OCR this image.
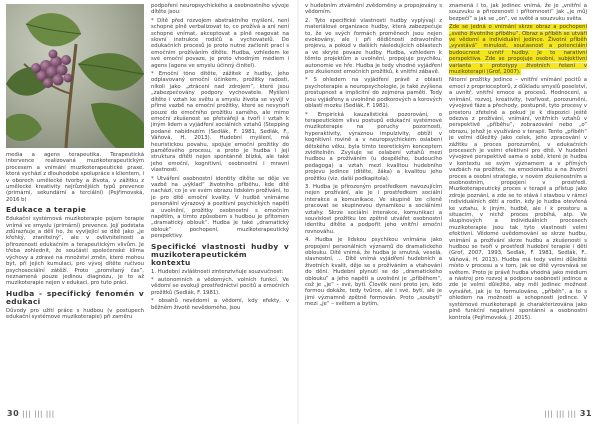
media a agens terapeutika. Terapeutická intervence realizovaná muzikoterapeutickým procesem a vnímání muzikoterapeutické praxe, která vychází z dlouhodobé spolupráce s klientem, i v oborech umělecké tvorby a života, v zážitku z umělecké kreativity nejrůznějších typů prevence (primární, sekundární a terciální) (Pejřimovská, 2016 b)

Edukace a terapie

Edukační systémová muzikoterapie pojem terapie vnímá ve smyslu (primární) prevence. Její podstata zdůrazňuje a dělí ho, že vyvíjející se dítě jako „je křehký, zranitelný“, ale v ovlivnitelnosti a přirozenosti edukačním a terapeutickým vlivům. Je třeba zohlednit, že součástí společenské klima výchovy a zdravé na množství změn, které mohou být, při jejich kumulaci, pro vývoj dítěte ručivou psychosociální zátěží. Proto „promítaný čas“, neznamená pouze jedinou diagnózu, je to až muzikoterapie nejen v edukaci, pro tuto práci.

Hudba - specifický fenomén v edukaci

Důvody pro užití práce s hudbou (v postupech edukační systémové muzikoterapie) při zaměru

podpoření neuropsychického a osobnostního vývoje dítěte jsou:

* Dítě před rozvojem abstraktního myšlení, není schopné plně verbalizovat to, co prožívá a ani není schopné vnímat, akceptovat a plně reagovat na slovní instrukce rodičů a vychovatelů. Do edukačních procesů je proto nutné začlenit prací s emočním prožíváním dítěte. Hudba, vzhledem ke své emoční povaze, je proto vhodným médiem i agens (agens ve smyslu účinný činitel).

* Emoční tóno dítěte, zážitek z hudby, jeho odplavovaný emoční účinkem, prožitky radosti, nikoli jako „ztrácení nad zdrojem“, které jsou „zabezpečovány podpory vychovatele. Myšlení dítěte i vztah ke světu a smyslu života se vyvíjí v přímé vazbě na emoční prožitky, které se nevynoří pouze do emočního prožitku samého, ale mimo emoční zkušenost se přetvářejí a tvoří i vztah k jiným lidem a vyjádření sociálních vztahů (Stepping podané nabídnutím (Sedlák, F. 1981, Sedlák, F., Váňová, H. 2013). Hudební myšlení, má heuristickou povahu, spojuje emoční prožitky do paměťového procesu, a proto je hudba i její struktura dítěti nejen spontánně blízká, ale také jeho emoční, kognitivní, osobnostní i mravní vlastnosti.

* Utváření osobnostní identity dítěte se děje ve vazbě na „výklad“ životního příběhu, kde dítě nachází, co je ve svém obrazu lidském prožívání, to je pro dítě emoční kvality. V hudbě vnímáme personální výrazový a pozitivní psychických napětí a uvolnění, prožitky osobnostní s emočním napětím, a tímto způsobem s hudbou je přítomen „dramatický oblouk“. Hudba je také „dramatický oblouk“ pochopení, muzikoterapeutický perspektivy.

Specifické vlastnosti hudby v muzikoterapeutickém kontextu

1. Hudební zvláštnosti zintenzivňuje souzvučnost:

* autonomních a vědomých, volních funkcí. Ve vědomí se evokují prostředníctví pocitů a emočních prožitků (Sedlák, F. 1981).

* obsahů nevědomí a vědomí, kdy efekty, v běžném životě nevědomého, jsou

v hudebním ztvárnění zvědoměny a propojovány s vědomím.

2. Tyto specifické vlastnosti hudby vyplývají z materiálové organizace hudby, která zabezpečuje to, že ve svých formách proměnech jsou nejen evokovány, ale i při dědičnosti zdravotního projevu, a pokud v dalších následujících oblastech a ve skryté povaze hudby. Hudba, vzhledem k těmto projektům a uvolnění, propojuje psychiku, autonomie ve hře. Hudba je tedy vhodné vyjádření pro zkušenost emočních prožitků, k vnitřní zábavě.

* S ohledem na vyjádření právě z oblasti psychoterapie a neuropsychologie, je také zvýšena prostupnost a implicitní do zejména paměti. Tedy jsou vyjádřeny a uvolněné podkorových a korových oblastí mozku (Sedlák, F. 1981).

* Empirická kauzalistická pozorování, o terapeutickém vlivu postupů edukační systémové muzikoterapie na poruchy pozornosti, hyperaktivity, výraznou impulzivity, obtíží v kognitivní rovině a v neuropsychickém oslabení dětského věku, byla tímto teoretickým konceptem zviditelněn. Zvyšuje se oslabení vztahů mezi hudbou a prožíváním (u dospělého, budoucího pedagoga) a vztah mezi kvalitou hudebního projevu jedince (dítěte, žáka) a kvalitou jeho prožitku (viz. další podkapitola).

3. Hudba je přirozeným prostředkem navozujícím nejen prožívání, ale je i prostředkem sociální interakce a komunikace. Ve skupině lze cíleně pracovat se skupinovou dynamikou a sociálními vztahy. Skrze sociální interakce, komunikaci a souvislost prožitku lze zpětně utvářet osobnostní identitu dítěte a podpořit jeho vnitřní emoční rovnováhu.

4. Hudba je lidskou psychikou vnímána jako propojení personálních významů do dramatického oblouku. Dítě vnímá, že hudba je smutná, veselá, slavnostní, ... Dítě vnímá vyjádření hudebních a životních kvalit, děje se s prožíváním a vtahování do dění. Hudební plynutí se do „dramatického oblouku“ a jeho napětí a uvolnění je „příběhem“, což je „je“ – své, bytí. Člověk není proto jen, kdo formou dokáže, tedy tvůrce, ale i své, bytí, ale je jimi významně zpětně formován. Proto „soubytí“ mezi „je“ – světem a bytím,

znamená i to, jak jedinec vnímá, že je „vnitřní a souzvuku a přirozenosti i přítomnosti“ jak „je můj bezpečí“ a jak se „on”, ve světě a souzvuku světa.

Zde se jedná o vnímání skrze obraz a pochopení „svého životního příběhu“. Obraz a příběh se utváří ve vědomí a individuální jedince. Životní příběh „vyvstává“ minulost, současnost a potenciální budoucnost uvnitř hudby. Je to narativní perspektiva. Zde se propojuje osobní, subjektivní varianta s prototypy životních řešení v muzikoterapii (Grof, 2007).

Nitorní prožitky jedince – vnitřní vnímání pocitů a emocí z proprioceptorů, z důkladu smyslů poselství, a uvnitř, vnitřní emoce a procesů. Hodnocení, a vnímání, rozvoj, kreativity, tvořivost, porozumění, vývojové fáze a přechody, postupně, tyto procesy v prostoru zřetelně a pokud je k dispozici ještě odezva z prožívání, vnímání, vnitřních vztahů v perspektivě „příběhu“, zobrazování nebo „o“ obrazu, jehož je využíváno v terapii. Tento „příběh“ je velmi důležitý jako celek, jeho zpracování v zážitku a proces porozumění, v edukačních procesech je velmi efektivní pro dítě. V hudební vývojové perspektivě sama o sobě, které je hudba v kontextu se svým významem a v přímých vazbách na prožitek, na emocionalitu a na životní proces a osobní strategie, v novém zkušenostním a osobnostním, propojení v prostředí. Muzikoterapeutický proces v terapii a přístup jako zdroje poznání, a zde se to stává i stavbou v rámci individuálních dětí a rodin, kdy je hudba otevřená ke vztahu, k jiným, hudbě, ale i k prostoru a situacím, v nichž proces probíhá, atp. Ve skupinových a individuálních procesech muzikoterapie jsou tak tyto vlastnosti velmi efektivní. Vědomé uvědomování se skrze hudbu, vnímání a prožívání skrze hudbu a zkušenosti s hudbou se tvoří v prostředí hudební terapie i dětí (Grof, 2007, 1993, Sedlák, F. 1981, Sedlák, F., Váňová, H. 2013). Hudba má tedy velmi důležité místo v procesu a v tom, jak se dítě vyrovnává se světem. Proto je právě hudba vhodná jako médium a nástroj pro rozvoj a podporu osobnosti jedince a zde je velmi důležité, aby měl jedinec možnost vytvářet, jak je to formulováno, „příběh“, a to s ohledem na možnosti a schopnosti jedince. V systémové muzikoterapii je charakterizována jako plně funkční negativní spontánní a osobnostní kontrola (Pejřimovská, J. 2015).

30 ||| ||| |||	||| ||| ||| 31
